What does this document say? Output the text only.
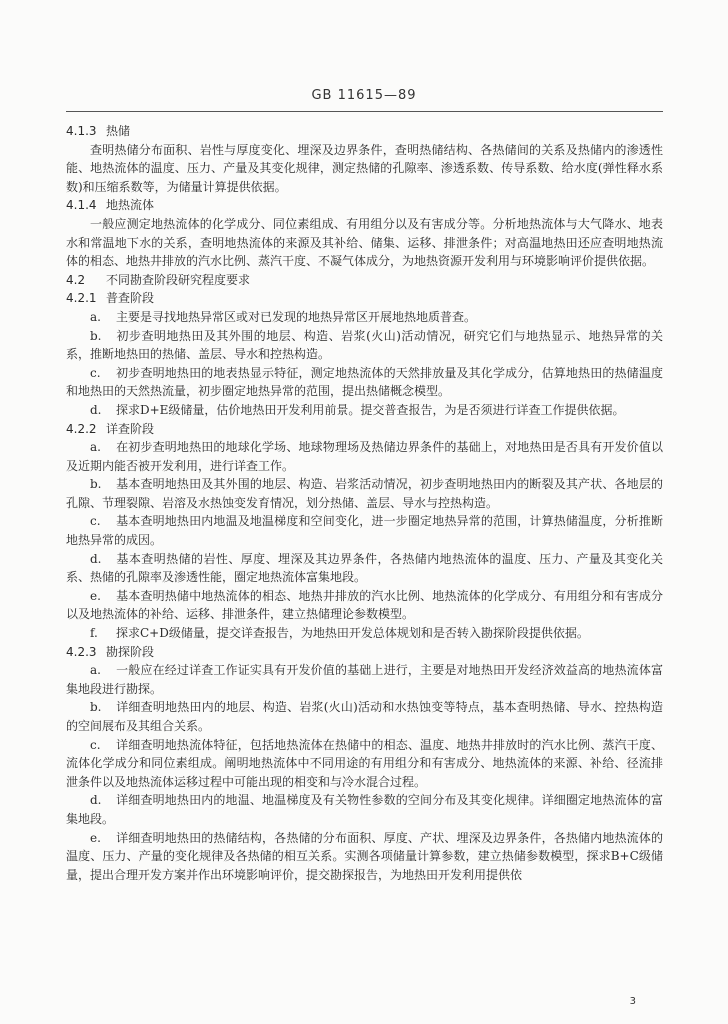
GB 11615—89
4.1.3 热储

查明热储分布面积、岩性与厚度变化、埋深及边界条件，查明热储结构、各热储间的关系及热储内的渗透性能、地热流体的温度、压力、产量及其变化规律，测定热储的孔隙率、渗透系数、传导系数、给水度(弹性释水系数)和压缩系数等，为储量计算提供依据。

4.1.4 地热流体

一般应测定地热流体的化学成分、同位素组成、有用组分以及有害成分等。分析地热流体与大气降水、地表水和常温地下水的关系，查明地热流体的来源及其补给、储集、运移、排泄条件；对高温地热田还应查明地热流体的相态、地热井排放的汽水比例、蒸汽干度、不凝气体成分，为地热资源开发利用与环境影响评价提供依据。

4.2 不同勘查阶段研究程度要求
4.2.1 普查阶段

a. 主要是寻找地热异常区或对已发现的地热异常区开展地热地质普查。

b. 初步查明地热田及其外围的地层、构造、岩浆(火山)活动情况，研究它们与地热显示、地热异常的关系，推断地热田的热储、盖层、导水和控热构造。

c. 初步查明地热田的地表热显示特征，测定地热流体的天然排放量及其化学成分，估算地热田的热储温度和地热田的天然热流量，初步圈定地热异常的范围，提出热储概念模型。

d. 探求D+E级储量，估价地热田开发利用前景。提交普查报告，为是否须进行详查工作提供依据。

4.2.2 详查阶段

a. 在初步查明地热田的地球化学场、地球物理场及热储边界条件的基础上，对地热田是否具有开发价值以及近期内能否被开发利用，进行详查工作。

b. 基本查明地热田及其外围的地层、构造、岩浆活动情况，初步查明地热田内的断裂及其产状、各地层的孔隙、节理裂隙、岩溶及水热蚀变发育情况，划分热储、盖层、导水与控热构造。

c. 基本查明地热田内地温及地温梯度和空间变化，进一步圈定地热异常的范围，计算热储温度，分析推断地热异常的成因。

d. 基本查明热储的岩性、厚度、埋深及其边界条件，各热储内地热流体的温度、压力、产量及其变化关系、热储的孔隙率及渗透性能，圈定地热流体富集地段。

e. 基本查明热储中地热流体的相态、地热井排放的汽水比例、地热流体的化学成分、有用组分和有害成分以及地热流体的补给、运移、排泄条件，建立热储理论参数模型。

f. 探求C+D级储量，提交详查报告，为地热田开发总体规划和是否转入勘探阶段提供依据。

4.2.3 勘探阶段

a. 一般应在经过详查工作证实具有开发价值的基础上进行，主要是对地热田开发经济效益高的地热流体富集地段进行勘探。

b. 详细查明地热田内的地层、构造、岩浆(火山)活动和水热蚀变等特点，基本查明热储、导水、控热构造的空间展布及其组合关系。

c. 详细查明地热流体特征，包括地热流体在热储中的相态、温度、地热井排放时的汽水比例、蒸汽干度、流体化学成分和同位素组成。阐明地热流体中不同用途的有用组分和有害成分、地热流体的来源、补给、径流排泄条件以及地热流体运移过程中可能出现的相变和与冷水混合过程。

d. 详细查明地热田内的地温、地温梯度及有关物性参数的空间分布及其变化规律。详细圈定地热流体的富集地段。

e. 详细查明地热田的热储结构，各热储的分布面积、厚度、产状、埋深及边界条件，各热储内地热流体的温度、压力、产量的变化规律及各热储的相互关系。实测各项储量计算参数，建立热储参数模型，探求B+C级储量，提出合理开发方案并作出环境影响评价，提交勘探报告，为地热田开发利用提供依

3
